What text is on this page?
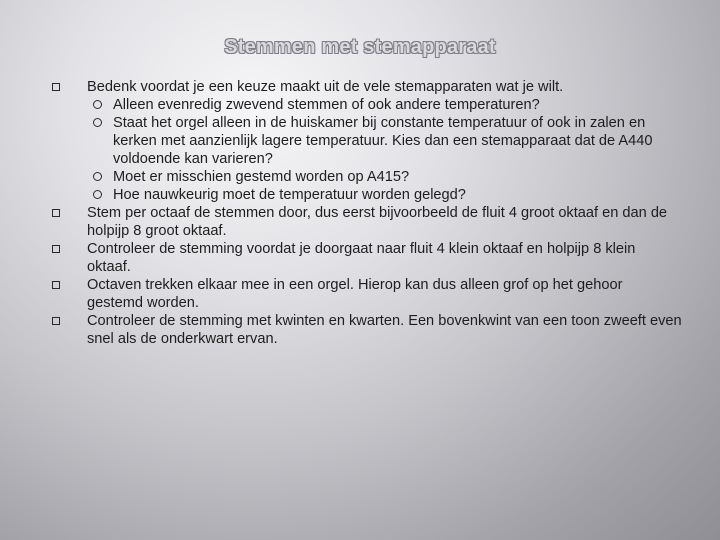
Stemmen met stemapparaat
Bedenk voordat je een keuze maakt uit de vele stemapparaten wat je wilt.
Alleen evenredig zwevend stemmen of ook andere temperaturen?
Staat het orgel alleen in de huiskamer bij constante temperatuur of ook in zalen en kerken met aanzienlijk lagere temperatuur. Kies dan een stemapparaat dat de A440 voldoende kan varieren?
Moet er misschien gestemd worden op A415?
Hoe nauwkeurig moet de temperatuur worden gelegd?
Stem per octaaf de stemmen door, dus eerst bijvoorbeeld de fluit 4 groot oktaaf en dan de holpijp 8 groot oktaaf.
Controleer de stemming voordat je doorgaat naar fluit 4 klein oktaaf en holpijp 8 klein oktaaf.
Octaven trekken elkaar mee in een orgel. Hierop kan dus alleen grof op het gehoor gestemd worden.
Controleer de stemming met kwinten en kwarten. Een bovenkwint van een toon zweeft even snel als de onderkwart ervan.
